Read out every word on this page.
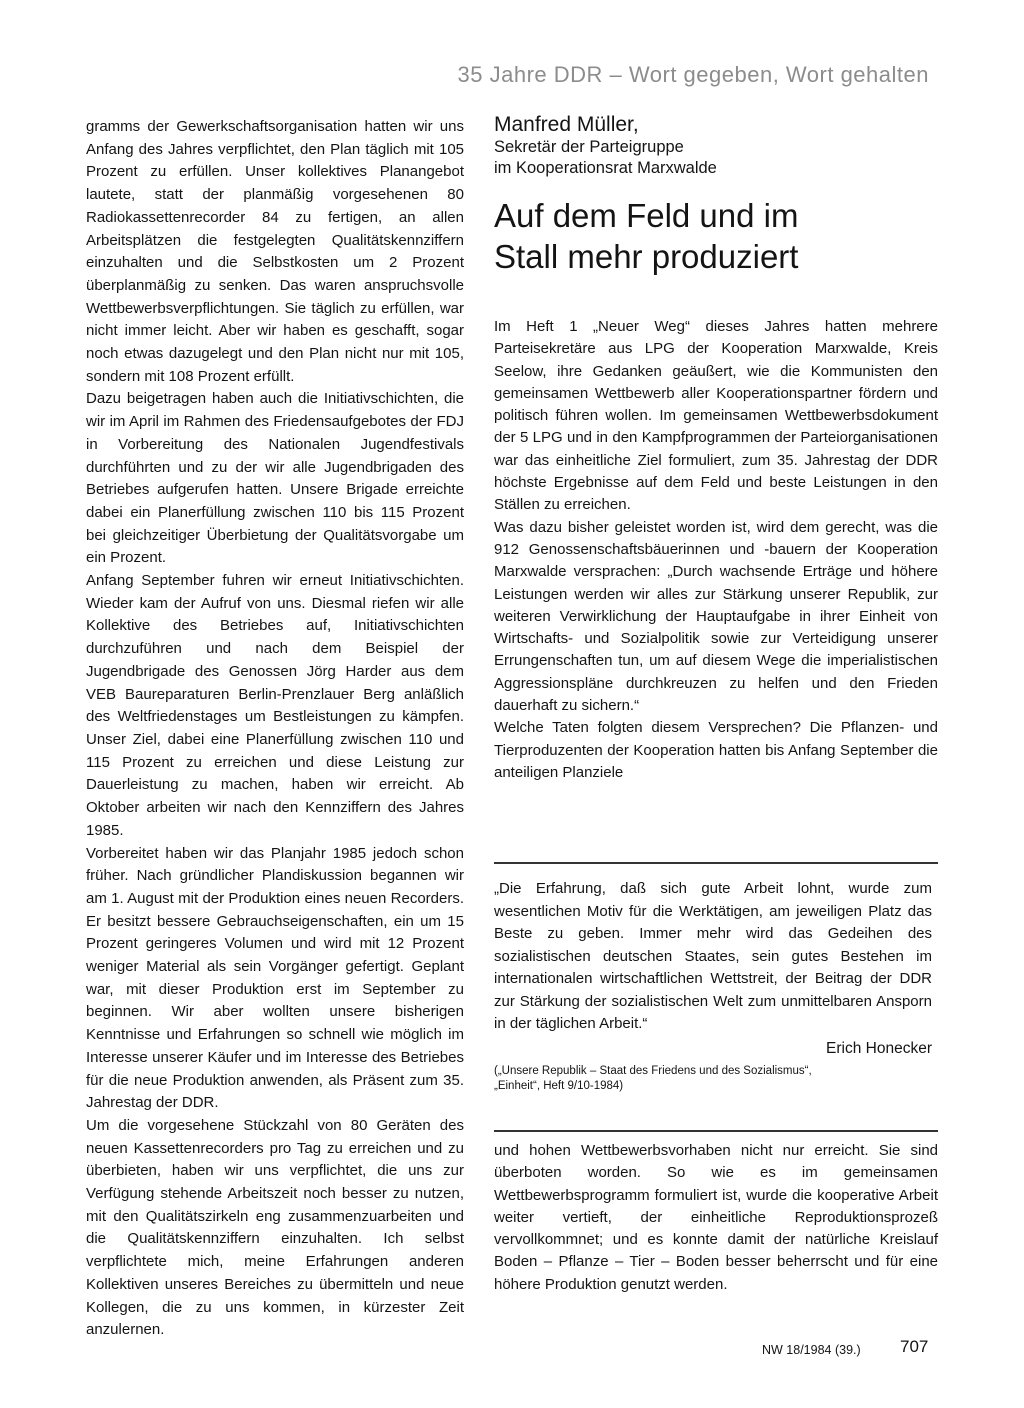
35 Jahre DDR – Wort gegeben, Wort gehalten

gramms der Gewerkschaftsorganisation hatten wir uns Anfang des Jahres verpflichtet, den Plan täglich mit 105 Prozent zu erfüllen. Unser kollektives Planangebot lautete, statt der planmäßig vorgesehenen 80 Radiokassettenrecorder 84 zu fertigen, an allen Arbeitsplätzen die festgelegten Qualitätskennziffern einzuhalten und die Selbstkosten um 2 Prozent überplanmäßig zu senken. Das waren anspruchsvolle Wettbewerbsverpflichtungen. Sie täglich zu erfüllen, war nicht immer leicht. Aber wir haben es geschafft, sogar noch etwas dazugelegt und den Plan nicht nur mit 105, sondern mit 108 Prozent erfüllt.

Dazu beigetragen haben auch die Initiativschichten, die wir im April im Rahmen des Friedensaufgebotes der FDJ in Vorbereitung des Nationalen Jugendfestivals durchführten und zu der wir alle Jugendbrigaden des Betriebes aufgerufen hatten. Unsere Brigade erreichte dabei ein Planerfüllung zwischen 110 bis 115 Prozent bei gleichzeitiger Überbietung der Qualitätsvorgabe um ein Prozent.

Anfang September fuhren wir erneut Initiativschichten. Wieder kam der Aufruf von uns. Diesmal riefen wir alle Kollektive des Betriebes auf, Initiativschichten durchzuführen und nach dem Beispiel der Jugendbrigade des Genossen Jörg Harder aus dem VEB Baureparaturen Berlin-Prenzlauer Berg anläßlich des Weltfriedenstages um Bestleistungen zu kämpfen. Unser Ziel, dabei eine Planerfüllung zwischen 110 und 115 Prozent zu erreichen und diese Leistung zur Dauerleistung zu machen, haben wir erreicht. Ab Oktober arbeiten wir nach den Kennziffern des Jahres 1985.

Vorbereitet haben wir das Planjahr 1985 jedoch schon früher. Nach gründlicher Plandiskussion begannen wir am 1. August mit der Produktion eines neuen Recorders. Er besitzt bessere Gebrauchseigenschaften, ein um 15 Prozent geringeres Volumen und wird mit 12 Prozent weniger Material als sein Vorgänger gefertigt. Geplant war, mit dieser Produktion erst im September zu beginnen. Wir aber wollten unsere bisherigen Kenntnisse und Erfahrungen so schnell wie möglich im Interesse unserer Käufer und im Interesse des Betriebes für die neue Produktion anwenden, als Präsent zum 35. Jahrestag der DDR.

Um die vorgesehene Stückzahl von 80 Geräten des neuen Kassettenrecorders pro Tag zu erreichen und zu überbieten, haben wir uns verpflichtet, die uns zur Verfügung stehende Arbeitszeit noch besser zu nutzen, mit den Qualitätszirkeln eng zusammenzuarbeiten und die Qualitätskennziffern einzuhalten. Ich selbst verpflichtete mich, meine Erfahrungen anderen Kollektiven unseres Bereiches zu übermitteln und neue Kollegen, die zu uns kommen, in kürzester Zeit anzulernen.

Manfred Müller,
Sekretär der Parteigruppe
im Kooperationsrat Marxwalde
Auf dem Feld und im
Stall mehr produziert

Im Heft 1 „Neuer Weg“ dieses Jahres hatten mehrere Parteisekretäre aus LPG der Kooperation Marxwalde, Kreis Seelow, ihre Gedanken geäußert, wie die Kommunisten den gemeinsamen Wettbewerb aller Kooperationspartner fördern und politisch führen wollen. Im gemeinsamen Wettbewerbsdokument der 5 LPG und in den Kampfprogrammen der Parteiorganisationen war das einheitliche Ziel formuliert, zum 35. Jahrestag der DDR höchste Ergebnisse auf dem Feld und beste Leistungen in den Ställen zu erreichen.

Was dazu bisher geleistet worden ist, wird dem gerecht, was die 912 Genossenschaftsbäuerinnen und -bauern der Kooperation Marxwalde versprachen: „Durch wachsende Erträge und höhere Leistungen werden wir alles zur Stärkung unserer Republik, zur weiteren Verwirklichung der Hauptaufgabe in ihrer Einheit von Wirtschafts- und Sozialpolitik sowie zur Verteidigung unserer Errungenschaften tun, um auf diesem Wege die imperialistischen Aggressionspläne durchkreuzen zu helfen und den Frieden dauerhaft zu sichern.“

Welche Taten folgten diesem Versprechen? Die Pflanzen- und Tierproduzenten der Kooperation hatten bis Anfang September die anteiligen Planziele

„Die Erfahrung, daß sich gute Arbeit lohnt, wurde zum wesentlichen Motiv für die Werktätigen, am jeweiligen Platz das Beste zu geben. Immer mehr wird das Gedeihen des sozialistischen deutschen Staates, sein gutes Bestehen im internationalen wirtschaftlichen Wettstreit, der Beitrag der DDR zur Stärkung der sozialistischen Welt zum unmittelbaren Ansporn in der täglichen Arbeit.“

Erich Honecker
(„Unsere Republik – Staat des Friedens und des Sozialismus“,
„Einheit“, Heft 9/10-1984)

und hohen Wettbewerbsvorhaben nicht nur erreicht. Sie sind überboten worden. So wie es im gemeinsamen Wettbewerbsprogramm formuliert ist, wurde die kooperative Arbeit weiter vertieft, der einheitliche Reproduktionsprozeß vervollkommnet; und es konnte damit der natürliche Kreislauf Boden – Pflanze – Tier – Boden besser beherrscht und für eine höhere Produktion genutzt werden.

NW 18/1984 (39.) 707
